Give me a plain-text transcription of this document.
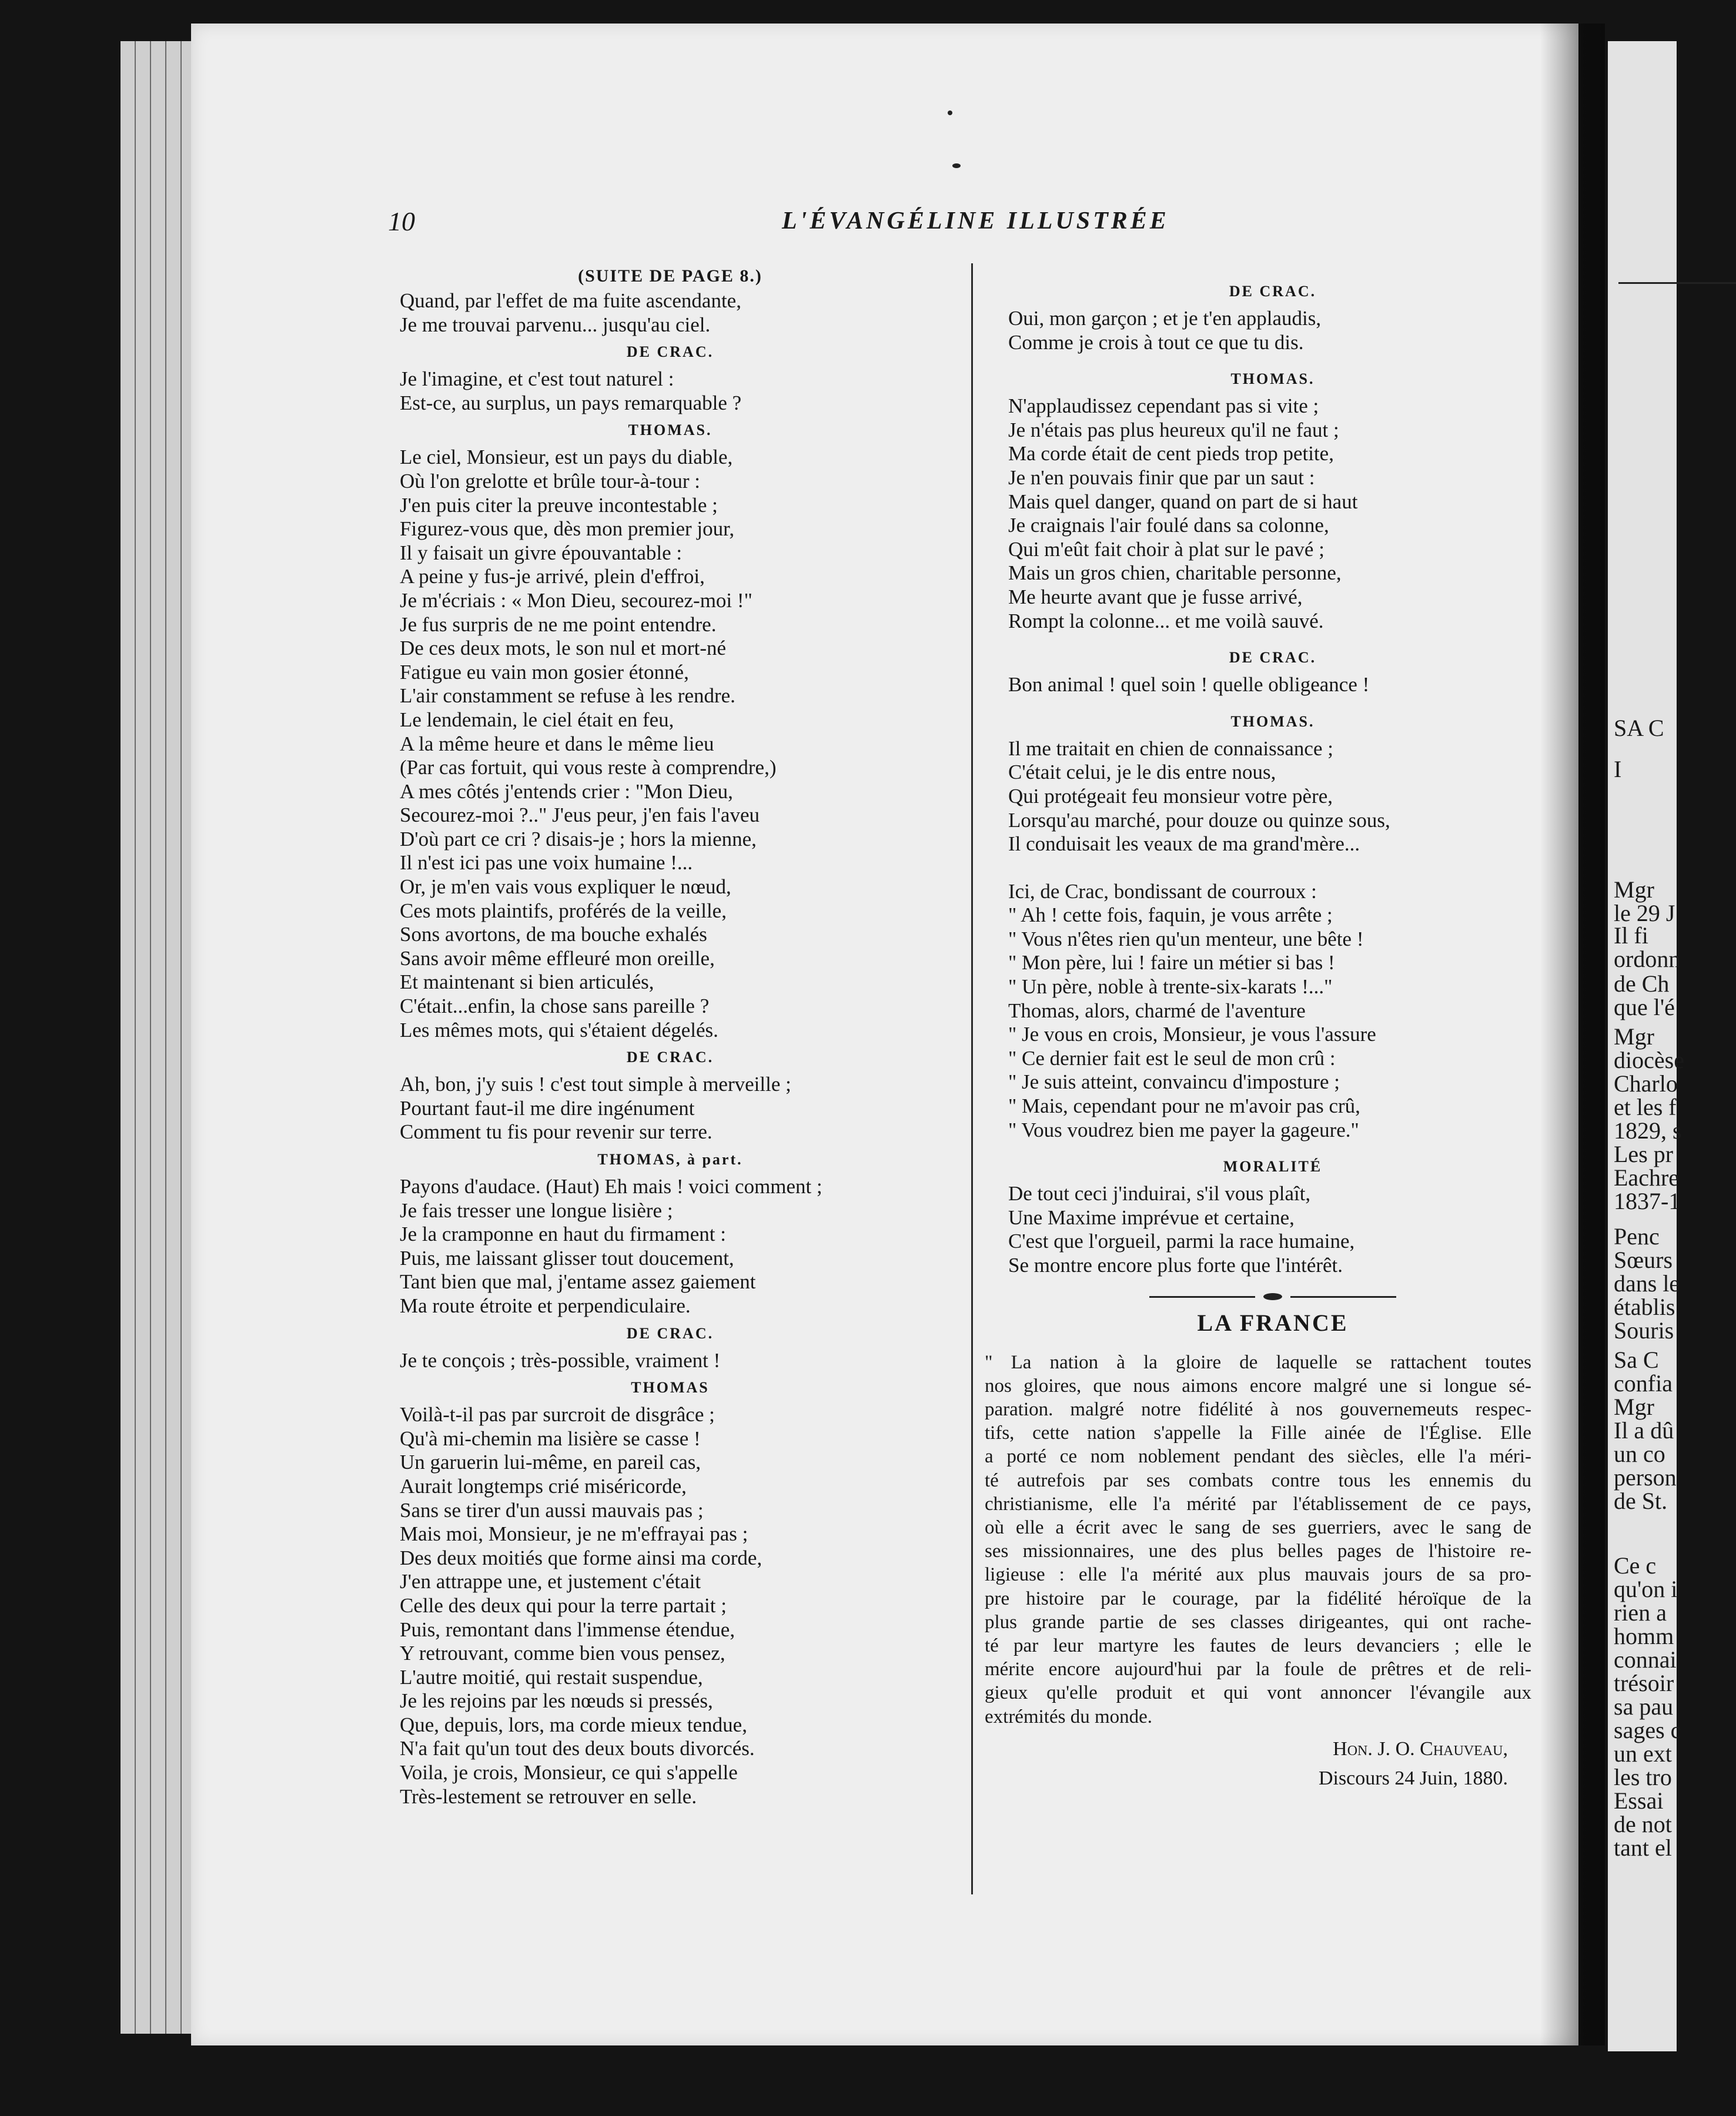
SA C
I
Mgr
le 29 J
Il fi
ordonn
de Ch
que l'é
Mgr
diocèse
Charlo
et les f
1829, s
Les pr
Eachre
1837-1
Penc
Sœurs
dans le
établis
Souris
Sa C
confia
Mgr
Il a dû
un co
person
de St.
Ce c
qu'on i
rien a
homm
connai
trésoir
sa pau
sages c
un ext
les tro
Essai
de not
tant el
10	L'ÉVANGÉLINE ILLUSTRÉE
(SUITE DE PAGE 8.)
Quand, par l'effet de ma fuite ascendante,
Je me trouvai parvenu... jusqu'au ciel.
DE CRAC.
Je l'imagine, et c'est tout naturel :
Est-ce, au surplus, un pays remarquable ?
THOMAS.
Le ciel, Monsieur, est un pays du diable,
Où l'on grelotte et brûle tour-à-tour :
J'en puis citer la preuve incontestable ;
Figurez-vous que, dès mon premier jour,
Il y faisait un givre épouvantable :
A peine y fus-je arrivé, plein d'effroi,
Je m'écriais : « Mon Dieu, secourez-moi !"
Je fus surpris de ne me point entendre.
De ces deux mots, le son nul et mort-né
Fatigue eu vain mon gosier étonné,
L'air constamment se refuse à les rendre.
Le lendemain, le ciel était en feu,
A la même heure et dans le même lieu
(Par cas fortuit, qui vous reste à comprendre,)
A mes côtés j'entends crier : "Mon Dieu,
Secourez-moi ?.." J'eus peur, j'en fais l'aveu
D'où part ce cri ? disais-je ; hors la mienne,
Il n'est ici pas une voix humaine !...
Or, je m'en vais vous expliquer le nœud,
Ces mots plaintifs, proférés de la veille,
Sons avortons, de ma bouche exhalés
Sans avoir même effleuré mon oreille,
Et maintenant si bien articulés,
C'était...enfin, la chose sans pareille ?
Les mêmes mots, qui s'étaient dégelés.
DE CRAC.
Ah, bon, j'y suis ! c'est tout simple à merveille ;
Pourtant faut-il me dire ingénument
Comment tu fis pour revenir sur terre.
THOMAS, à part.
Payons d'audace. (Haut) Eh mais ! voici comment ;
Je fais tresser une longue lisière ;
Je la cramponne en haut du firmament :
Puis, me laissant glisser tout doucement,
Tant bien que mal, j'entame assez gaiement
Ma route étroite et perpendiculaire.
DE CRAC.
Je te conçois ; très-possible, vraiment !
THOMAS
Voilà-t-il pas par surcroit de disgrâce ;
Qu'à mi-chemin ma lisière se casse !
Un garuerin lui-même, en pareil cas,
Aurait longtemps crié miséricorde,
Sans se tirer d'un aussi mauvais pas ;
Mais moi, Monsieur, je ne m'effrayai pas ;
Des deux moitiés que forme ainsi ma corde,
J'en attrappe une, et justement c'était
Celle des deux qui pour la terre partait ;
Puis, remontant dans l'immense étendue,
Y retrouvant, comme bien vous pensez,
L'autre moitié, qui restait suspendue,
Je les rejoins par les nœuds si pressés,
Que, depuis, lors, ma corde mieux tendue,
N'a fait qu'un tout des deux bouts divorcés.
Voila, je crois, Monsieur, ce qui s'appelle
Très-lestement se retrouver en selle.
DE CRAC.
Oui, mon garçon ; et je t'en applaudis,
Comme je crois à tout ce que tu dis.
THOMAS.
N'applaudissez cependant pas si vite ;
Je n'étais pas plus heureux qu'il ne faut ;
Ma corde était de cent pieds trop petite,
Je n'en pouvais finir que par un saut :
Mais quel danger, quand on part de si haut
Je craignais l'air foulé dans sa colonne,
Qui m'eût fait choir à plat sur le pavé ;
Mais un gros chien, charitable personne,
Me heurte avant que je fusse arrivé,
Rompt la colonne... et me voilà sauvé.
DE CRAC.
Bon animal ! quel soin ! quelle obligeance !
THOMAS.
Il me traitait en chien de connaissance ;
C'était celui, je le dis entre nous,
Qui protégeait feu monsieur votre père,
Lorsqu'au marché, pour douze ou quinze sous,
Il conduisait les veaux de ma grand'mère...
Ici, de Crac, bondissant de courroux :
" Ah ! cette fois, faquin, je vous arrête ;
" Vous n'êtes rien qu'un menteur, une bête !
" Mon père, lui ! faire un métier si bas !
" Un père, noble à trente-six-karats !..."
Thomas, alors, charmé de l'aventure
" Je vous en crois, Monsieur, je vous l'assure
" Ce dernier fait est le seul de mon crû :
" Je suis atteint, convaincu d'imposture ;
" Mais, cependant pour ne m'avoir pas crû,
" Vous voudrez bien me payer la gageure."
MORALITÉ
De tout ceci j'induirai, s'il vous plaît,
Une Maxime imprévue et certaine,
C'est que l'orgueil, parmi la race humaine,
Se montre encore plus forte que l'intérêt.
LA FRANCE
" La nation à la gloire de laquelle se rattachent toutes
nos gloires, que nous aimons encore malgré une si longue sé-
paration. malgré notre fidélité à nos gouvernemeuts respec-
tifs, cette nation s'appelle la Fille ainée de l'Église. Elle
a porté ce nom noblement pendant des siècles, elle l'a méri-
té autrefois par ses combats contre tous les ennemis du
christianisme, elle l'a mérité par l'établissement de ce pays,
où elle a écrit avec le sang de ses guerriers, avec le sang de
ses missionnaires, une des plus belles pages de l'histoire re-
ligieuse : elle l'a mérité aux plus mauvais jours de sa pro-
pre histoire par le courage, par la fidélité héroïque de la
plus grande partie de ses classes dirigeantes, qui ont rache-
té par leur martyre les fautes de leurs devanciers ; elle le
mérite encore aujourd'hui par la foule de prêtres et de reli-
gieux qu'elle produit et qui vont annoncer l'évangile aux
extrémités du monde.
Hon. J. O. Chauveau,
Discours 24 Juin, 1880.
